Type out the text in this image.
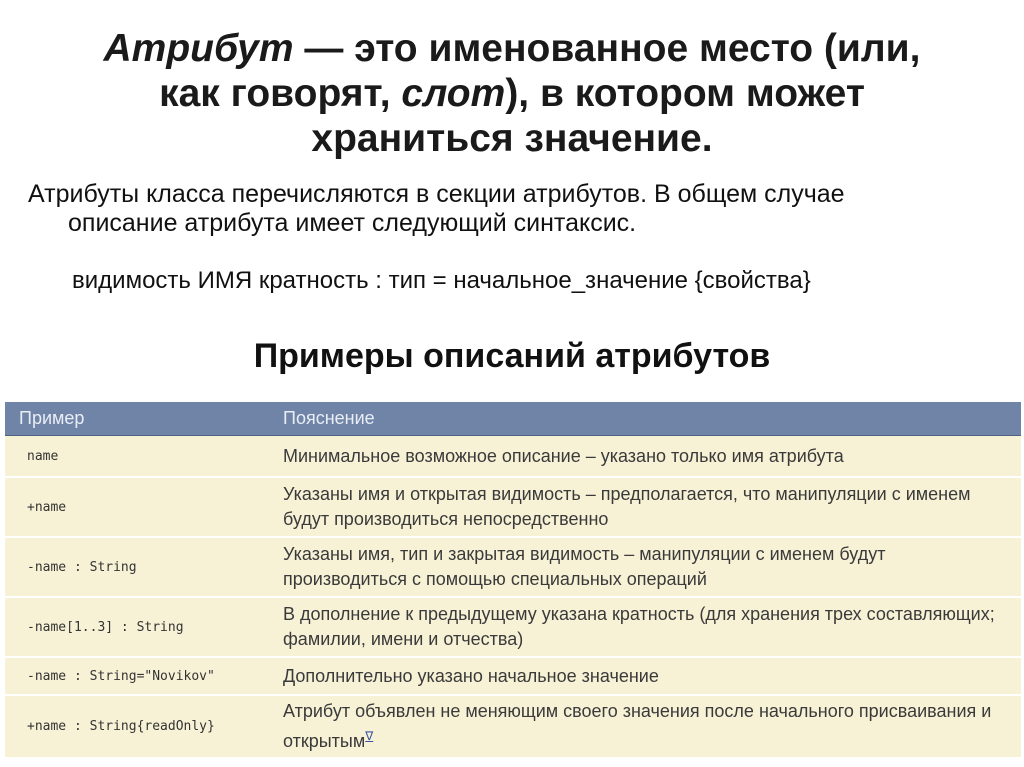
Атрибут — это именованное место (или,
как говорят, слот), в котором может
храниться значение.
Атрибуты класса перечисляются в секции атрибутов. В общем случае
описание атрибута имеет следующий синтаксис.
видимость ИМЯ кратность : тип = начальное_значение {свойства}
Примеры описаний атрибутов
Пример	Пояснение
name	Минимальное возможное описание – указано только имя атрибута
+name	Указаны имя и открытая видимость – предполагается, что манипуляции с именем будут производиться непосредственно
-name : String	Указаны имя, тип и закрытая видимость – манипуляции с именем будут производиться с помощью специальных операций
-name[1..3] : String	В дополнение к предыдущему указана кратность (для хранения трех составляющих; фамилии, имени и отчества)
-name : String="Novikov"	Дополнительно указано начальное значение
+name : String{readOnly}	Атрибут объявлен не меняющим своего значения после начального присваивания и открытым∇
